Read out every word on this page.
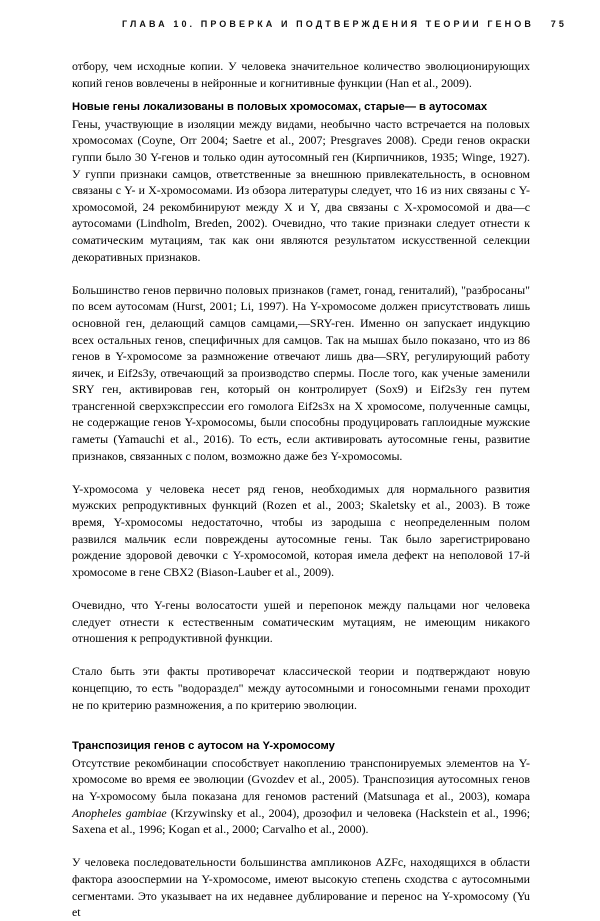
ГЛАВА 10. ПРОВЕРКА И ПОДТВЕРЖДЕНИЯ ТЕОРИИ ГЕНОВ 75

отбору, чем исходные копии. У человека значительное количество эволюционирующих копий генов вовлечены в нейронные и когнитивные функции (Han et al., 2009).

Новые гены локализованы в половых хромосомах, старые— в аутосомах

Гены, участвующие в изоляции между видами, необычно часто встречается на половых хромосомах (Coyne, Orr 2004; Saetre et al., 2007; Presgraves 2008). Среди генов окраски гуппи было 30 Y-генов и только один аутосомный ген (Кирпичников, 1935; Winge, 1927). У гуппи признаки самцов, ответственные за внешнюю привлекательность, в основном связаны с Y- и X-хромосомами. Из обзора литературы следует, что 16 из них связаны с Y-хромосомой, 24 рекомбинируют между X и Y, два связаны с X-хромосомой и два—с аутосомами (Lindholm, Breden, 2002). Очевидно, что такие признаки следует отнести к соматическим мутациям, так как они являются результатом искусственной селекции декоративных признаков.

Большинство генов первично половых признаков (гамет, гонад, гениталий), "разбросаны" по всем аутосомам (Hurst, 2001; Li, 1997). На Y-хромосоме должен присутствовать лишь основной ген, делающий самцов самцами,—SRY-ген. Именно он запускает индукцию всех остальных генов, специфичных для самцов. Так на мышах было показано, что из 86 генов в Y-хромосоме за размножение отвечают лишь два—SRY, регулирующий работу яичек, и Eif2s3y, отвечающий за производство спермы. После того, как ученые заменили SRY ген, активировав ген, который он контролирует (Sox9) и Eif2s3y ген путем трансгенной сверхэкспрессии его гомолога Eif2s3x на X хромосоме, полученные самцы, не содержащие генов Y-хромосомы, были способны продуцировать гаплоидные мужские гаметы (Yamauchi et al., 2016). То есть, если активировать аутосомные гены, развитие признаков, связанных с полом, возможно даже без Y-хромосомы.

Y-хромосома у человека несет ряд генов, необходимых для нормального развития мужских репродуктивных функций (Rozen et al., 2003; Skaletsky et al., 2003). В тоже время, Y-хромосомы недостаточно, чтобы из зародыша с неопределенным полом развился мальчик если повреждены аутосомные гены. Так было зарегистрировано рождение здоровой девочки с Y-хромосомой, которая имела дефект на неполовой 17-й хромосоме в гене CBX2 (Biason-Lauber et al., 2009).

Очевидно, что Y-гены волосатости ушей и перепонок между пальцами ног человека следует отнести к естественным соматическим мутациям, не имеющим никакого отношения к репродуктивной функции.

Стало быть эти факты противоречат классической теории и подтверждают новую концепцию, то есть "водораздел" между аутосомными и гоносомными генами проходит не по критерию размножения, а по критерию эволюции.

Транспозиция генов с аутосом на Y-хромосому

Отсутствие рекомбинации способствует накоплению транспонируемых элементов на Y-хромосоме во время ее эволюции (Gvozdev et al., 2005). Транспозиция аутосомных генов на Y-хромосому была показана для геномов растений (Matsunaga et al., 2003), комара Anopheles gambiae (Krzywinsky et al., 2004), дрозофил и человека (Hackstein et al., 1996; Saxena et al., 1996; Kogan et al., 2000; Carvalho et al., 2000).

У человека последовательности большинства ампликонов AZFc, находящихся в области фактора азооспермии на Y-хромосоме, имеют высокую степень сходства с аутосомными сегментами. Это указывает на их недавнее дублирование и перенос на Y-хромосому (Yu et
